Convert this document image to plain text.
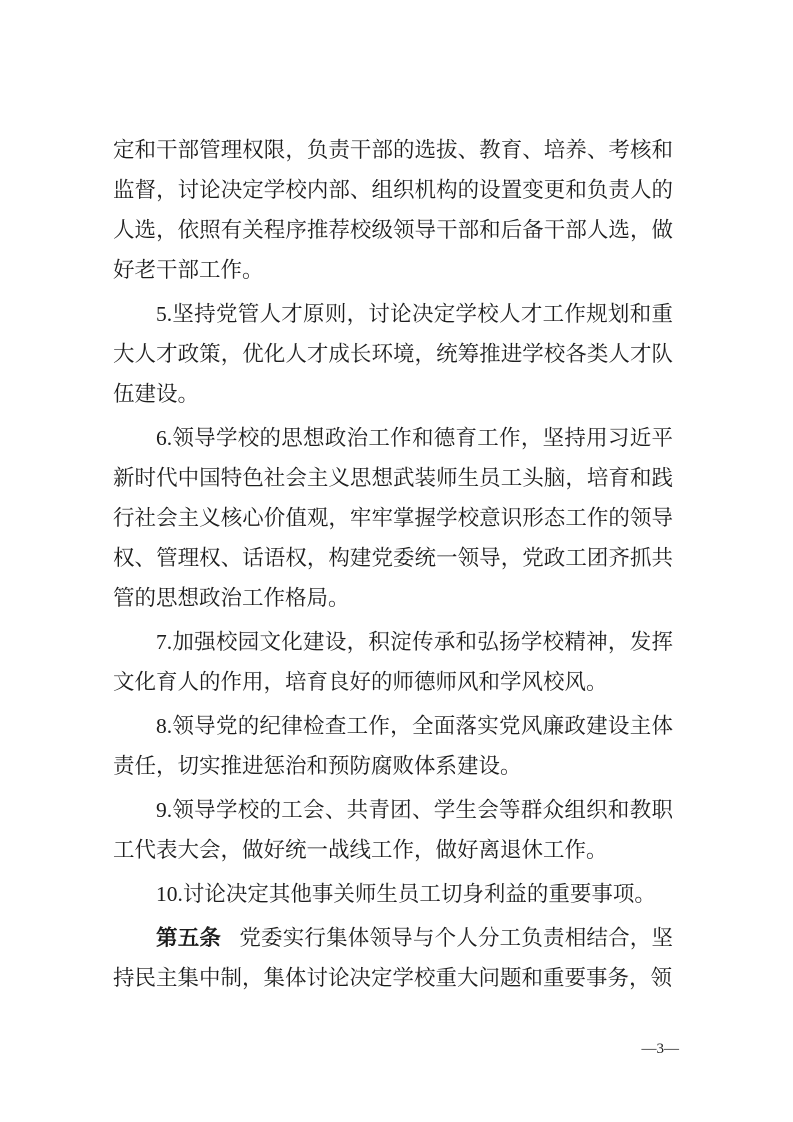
定和干部管理权限，负责干部的选拔、教育、培养、考核和监督，讨论决定学校内部、组织机构的设置变更和负责人的人选，依照有关程序推荐校级领导干部和后备干部人选，做好老干部工作。

5.坚持党管人才原则，讨论决定学校人才工作规划和重大人才政策，优化人才成长环境，统筹推进学校各类人才队伍建设。

6.领导学校的思想政治工作和德育工作，坚持用习近平新时代中国特色社会主义思想武装师生员工头脑，培育和践行社会主义核心价值观，牢牢掌握学校意识形态工作的领导权、管理权、话语权，构建党委统一领导，党政工团齐抓共管的思想政治工作格局。

7.加强校园文化建设，积淀传承和弘扬学校精神，发挥文化育人的作用，培育良好的师德师风和学风校风。

8.领导党的纪律检查工作，全面落实党风廉政建设主体责任，切实推进惩治和预防腐败体系建设。

9.领导学校的工会、共青团、学生会等群众组织和教职工代表大会，做好统一战线工作，做好离退休工作。

10.讨论决定其他事关师生员工切身利益的重要事项。

第五条 党委实行集体领导与个人分工负责相结合，坚持民主集中制，集体讨论决定学校重大问题和重要事务，领

—3—
